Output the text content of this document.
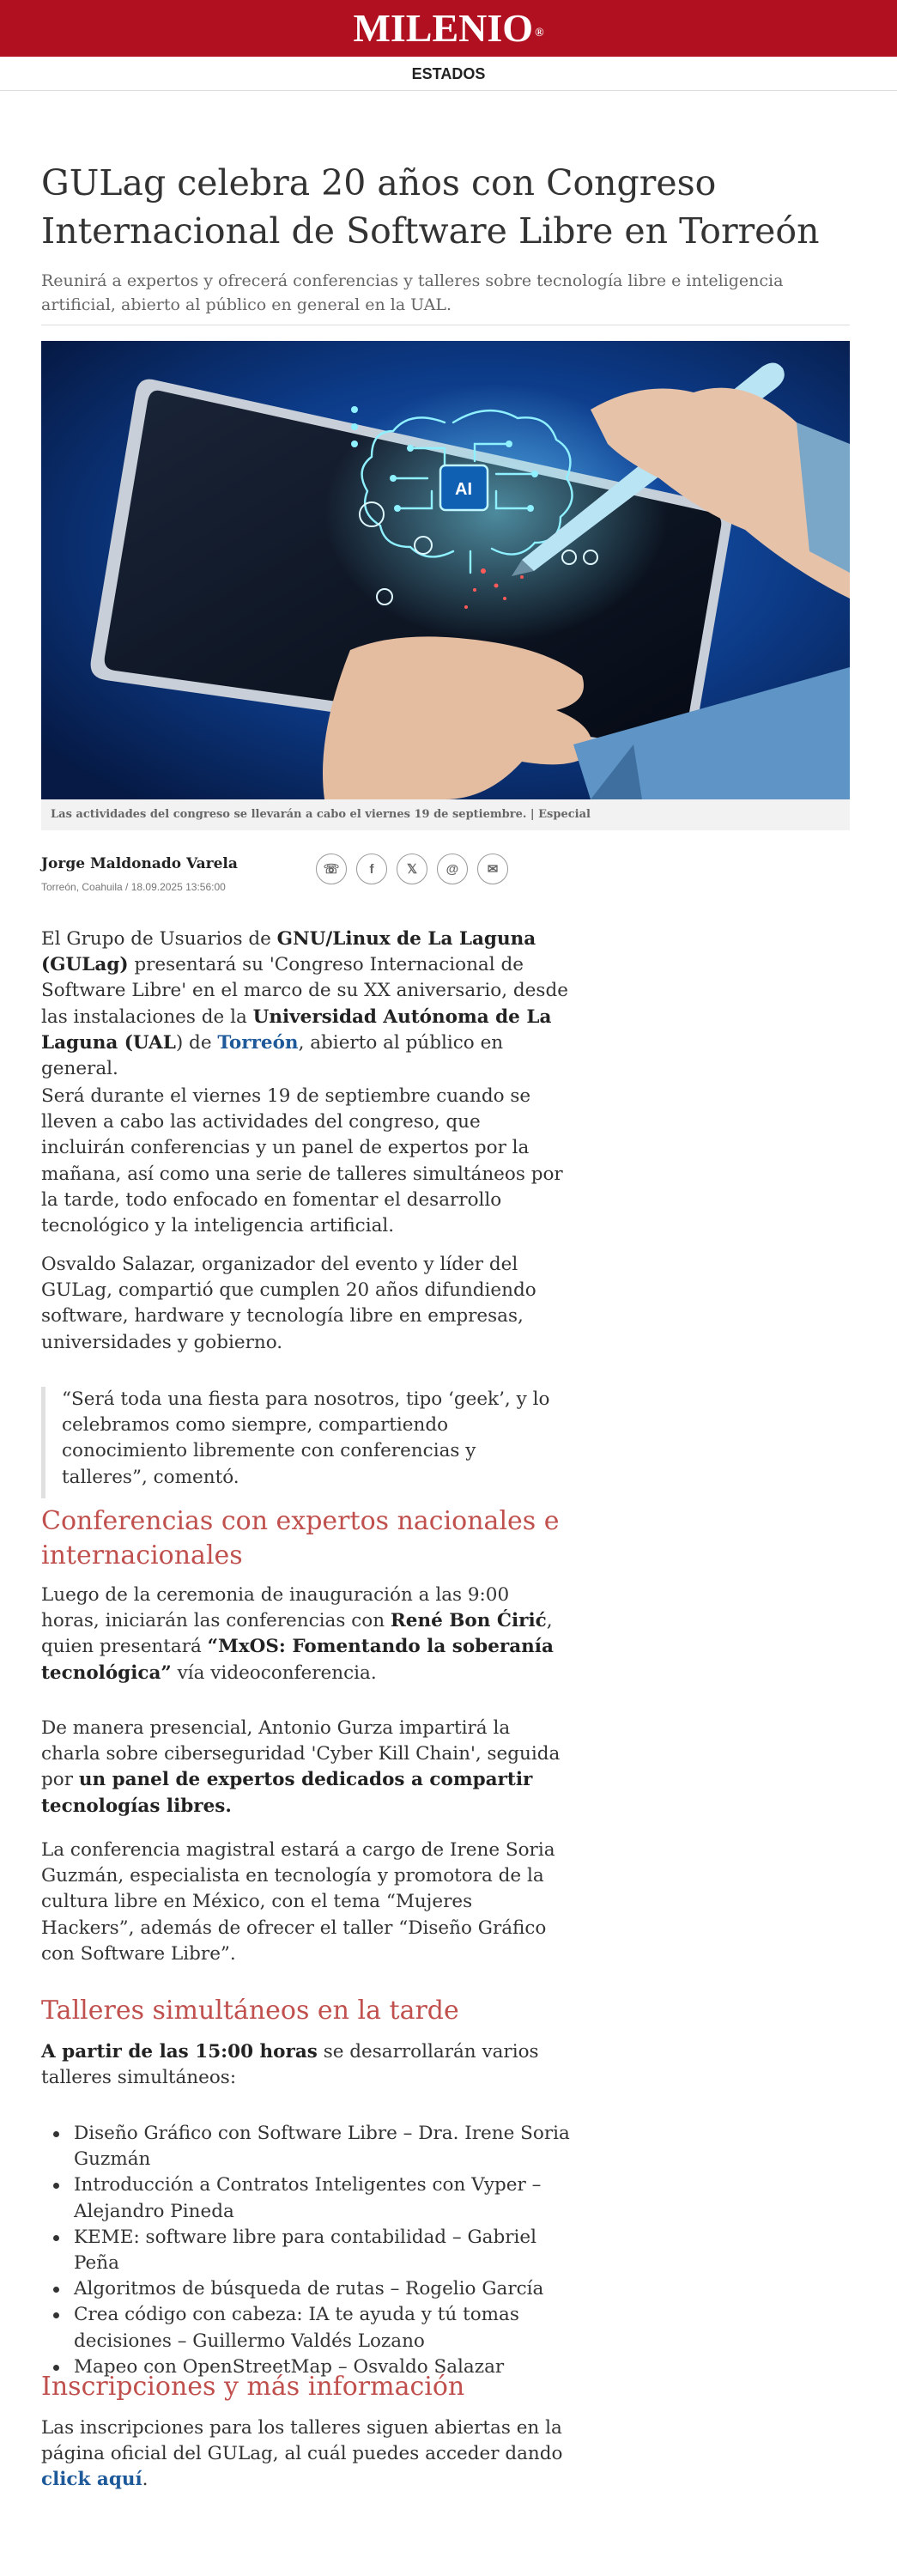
MILENIO ®
ESTADOS
GULag celebra 20 años con Congreso Internacional de Software Libre en Torreón

Reunirá a expertos y ofrecerá conferencias y talleres sobre tecnología libre e inteligencia artificial, abierto al público en general en la UAL.

AI
Las actividades del congreso se llevarán a cabo el viernes 19 de septiembre. | Especial
Jorge Maldonado Varela
Torreón, Coahuila / 18.09.2025 13:56:00
☏ f	𝕏 @ ✉

El Grupo de Usuarios de GNU/Linux de La Laguna (GULag) presentará su 'Congreso Internacional de Software Libre' en el marco de su XX aniversario, desde las instalaciones de la Universidad Autónoma de La Laguna (UAL) de Torreón, abierto al público en general.

Será durante el viernes 19 de septiembre cuando se lleven a cabo las actividades del congreso, que incluirán conferencias y un panel de expertos por la mañana, así como una serie de talleres simultáneos por la tarde, todo enfocado en fomentar el desarrollo tecnológico y la inteligencia artificial.

Osvaldo Salazar, organizador del evento y líder del GULag, compartió que cumplen 20 años difundiendo software, hardware y tecnología libre en empresas, universidades y gobierno.

“Será toda una fiesta para nosotros, tipo ‘geek’, y lo celebramos como siempre, compartiendo conocimiento libremente con conferencias y talleres”, comentó.
Conferencias con expertos nacionales e internacionales

Luego de la ceremonia de inauguración a las 9:00 horas, iniciarán las conferencias con René Bon Ćirić, quien presentará “MxOS: Fomentando la soberanía tecnológica” vía videoconferencia.

De manera presencial, Antonio Gurza impartirá la charla sobre ciberseguridad 'Cyber Kill Chain', seguida por un panel de expertos dedicados a compartir tecnologías libres.

La conferencia magistral estará a cargo de Irene Soria Guzmán, especialista en tecnología y promotora de la cultura libre en México, con el tema “Mujeres Hackers”, además de ofrecer el taller “Diseño Gráfico con Software Libre”.

Talleres simultáneos en la tarde

A partir de las 15:00 horas se desarrollarán varios talleres simultáneos:

Diseño Gráfico con Software Libre – Dra. Irene Soria Guzmán
Introducción a Contratos Inteligentes con Vyper – Alejandro Pineda
KEME: software libre para contabilidad – Gabriel Peña
Algoritmos de búsqueda de rutas – Rogelio García
Crea código con cabeza: IA te ayuda y tú tomas decisiones – Guillermo Valdés Lozano
Mapeo con OpenStreetMap – Osvaldo Salazar
Inscripciones y más información

Las inscripciones para los talleres siguen abiertas en la página oficial del GULag, al cuál puedes acceder dando click aquí.
